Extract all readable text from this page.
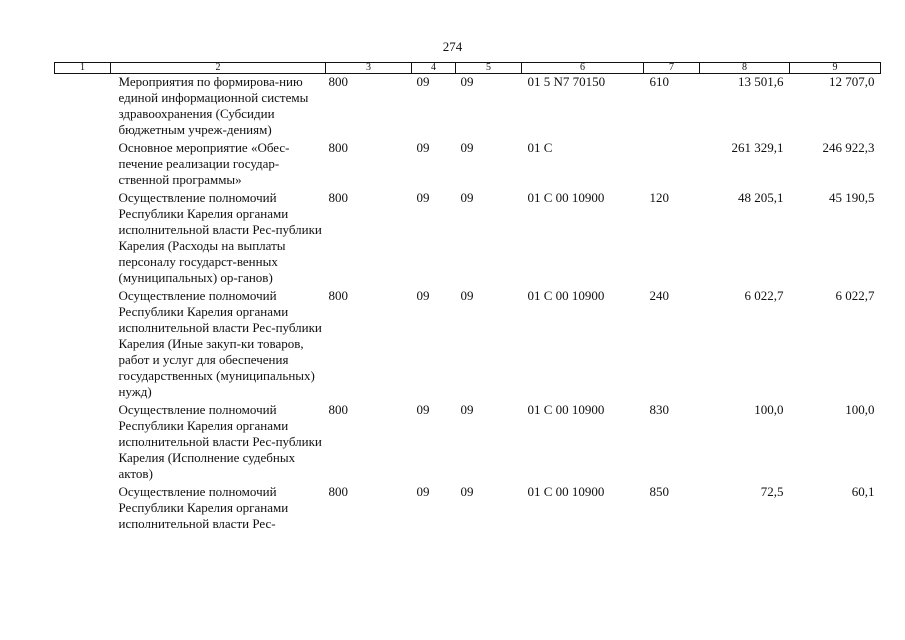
274
1	2	3	4	5	6	7	8	9
	Мероприятия по формирова-нию единой информационной системы здравоохранения (Субсидии бюджетным учреж-дениям)	800	09	09	01 5 N7 70150	610	13 501,6	12 707,0
	Основное мероприятие «Обес-печение реализации государ-ственной программы»	800	09	09	01 С		261 329,1	246 922,3
	Осуществление полномочий Республики Карелия органами исполнительной власти Рес-публики Карелия (Расходы на выплаты персоналу государст-венных (муниципальных) ор-ганов)	800	09	09	01 С 00 10900	120	48 205,1	45 190,5
	Осуществление полномочий Республики Карелия органами исполнительной власти Рес-публики Карелия (Иные закуп-ки товаров, работ и услуг для обеспечения государственных (муниципальных) нужд)	800	09	09	01 С 00 10900	240	6 022,7	6 022,7
	Осуществление полномочий Республики Карелия органами исполнительной власти Рес-публики Карелия (Исполнение судебных актов)	800	09	09	01 С 00 10900	830	100,0	100,0
	Осуществление полномочий Республики Карелия органами исполнительной власти Рес-	800	09	09	01 С 00 10900	850	72,5	60,1
